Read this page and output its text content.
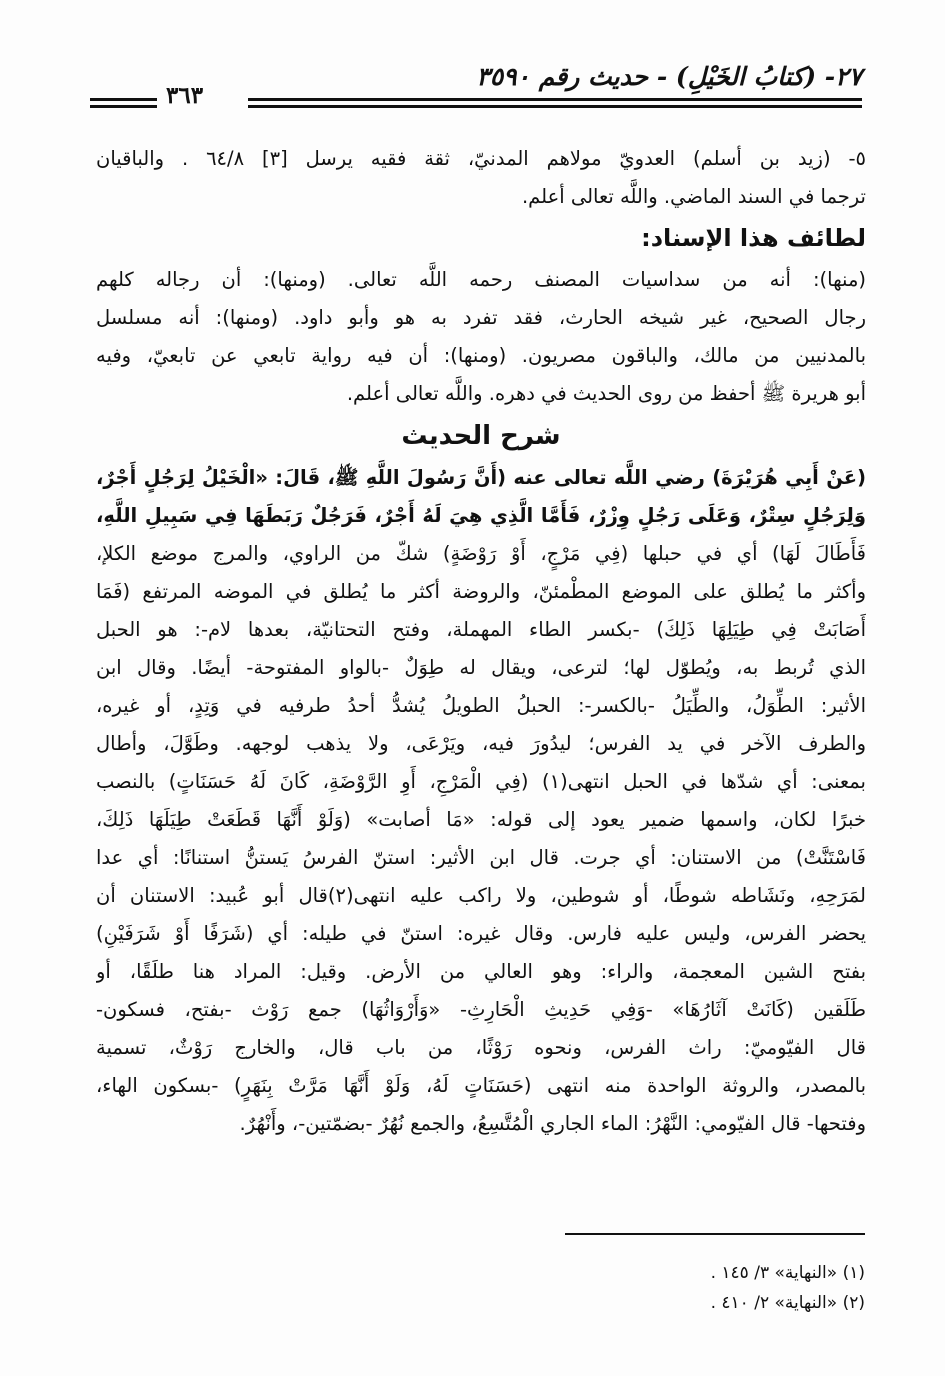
٢٧- (كتابُ الخَيْلِ) - حديث رقم ٣٥٩٠
٣٦٣
٥- (زيد بن أسلم) العدويّ مولاهم المدنيّ، ثقة فقيه يرسل [٣] ٦٤/٨ . والباقيان
ترجما في السند الماضي. واللَّه تعالى أعلم.
لطائف هذا الإسناد:
(منها): أنه من سداسيات المصنف رحمه اللَّه تعالى. (ومنها): أن رجاله كلهم
رجال الصحيح، غير شيخه الحارث، فقد تفرد به هو وأبو داود. (ومنها): أنه مسلسل
بالمدنيين من مالك، والباقون مصريون. (ومنها): أن فيه رواية تابعي عن تابعيّ، وفيه
أبو هريرة ﷺ أحفظ من روى الحديث في دهره. واللَّه تعالى أعلم.
شرح الحديث
(عَنْ أَبِي هُرَيْرَةَ) رضي اللَّه تعالى عنه (أَنَّ رَسُولَ اللَّهِ ﷺ، قَالَ: «الْخَيْلُ لِرَجُلٍ أَجْرٌ،
وَلِرَجُلٍ سِتْرٌ، وَعَلَى رَجُلٍ وِزْرٌ، فَأَمَّا الَّذِي هِيَ لَهُ أَجْرٌ، فَرَجُلٌ رَبَطَهَا فِي سَبِيلِ اللَّهِ،
فَأَطَالَ لَهَا) أي في حبلها (فِي مَرْجٍ، أَوْ رَوْضَةٍ) شكّ من الراوي، والمرج موضع الكلإ،
وأكثر ما يُطلق على الموضع المطْمئنّ، والروضة أكثر ما يُطلق في الموضه المرتفع (فَمَا
أَصَابَتْ فِي طِيَلِهَا ذَلِكَ) -بكسر الطاء المهملة، وفتح التحتانيّة، بعدها لام-: هو الحبل
الذي تُربط به، ويُطوّل لها؛ لترعى، ويقال له طِوَلٌ -بالواو المفتوحة- أيضًا. وقال ابن
الأثير: الطِّوَلُ، والطِّيَلُ -بالكسر-: الحبلُ الطويلُ يُشدُّ أحدُ طرفيه في وَتِدٍ، أو غيره،
والطرف الآخر في يد الفرس؛ ليدُورَ فيه، ويَرْعَى، ولا يذهب لوجهه. وطَوَّلَ، وأطال
بمعنى: أي شدّها في الحبل انتهى(١) (فِي الْمَرْجِ، أَوِ الرَّوْضَةِ، كَانَ لَهُ حَسَنَاتٍ) بالنصب
خبرًا لكان، واسمها ضمير يعود إلى قوله: «مَا أصابت» (وَلَوْ أَنَّهَا قَطَعَتْ طِيَلَهَا ذَلِكَ،
فَاسْتَنَّتْ) من الاستنان: أي جرت. قال ابن الأثير: استنّ الفرسُ يَستنُّ استنانًا: أي عدا
لمَرَحِهِ، ونَشَاطه شوطًا، أو شوطين، ولا راكب عليه انتهى(٢)قال أبو عُبيد: الاستنان أن
يحضر الفرس، وليس عليه فارس. وقال غيره: استنّ في طيله: أي (شَرَفًا أَوْ شَرَفَيْنِ)
بفتح الشين المعجمة، والراء: وهو العالي من الأرض. وقيل: المراد هنا طلَقًا، أو
طَلَقين (كَانَتْ آثَارُهَا» -وَفِي حَدِيثِ الْحَارِثِ- «وَأَرْوَاثُهَا) جمع رَوْث -بفتح، فسكون-
قال الفيّوميّ: راث الفرس، ونحوه رَوْثًا، من باب قال، والخارج رَوْثٌ، تسمية
بالمصدر، والروثة الواحدة منه انتهى (حَسَنَاتٍ لَهُ، وَلَوْ أَنَّهَا مَرَّتْ بِنَهَرٍ) -بسكون الهاء،
وفتحها- قال الفيّومي: النَّهْرُ: الماء الجاري الْمُتَّسِعُ، والجمع نُهُرٌ -بضمّتين-، وأَنْهُرٌ.
(١) «النهاية» ٣/ ١٤٥ .
(٢) «النهاية» ٢/ ٤١٠ .
